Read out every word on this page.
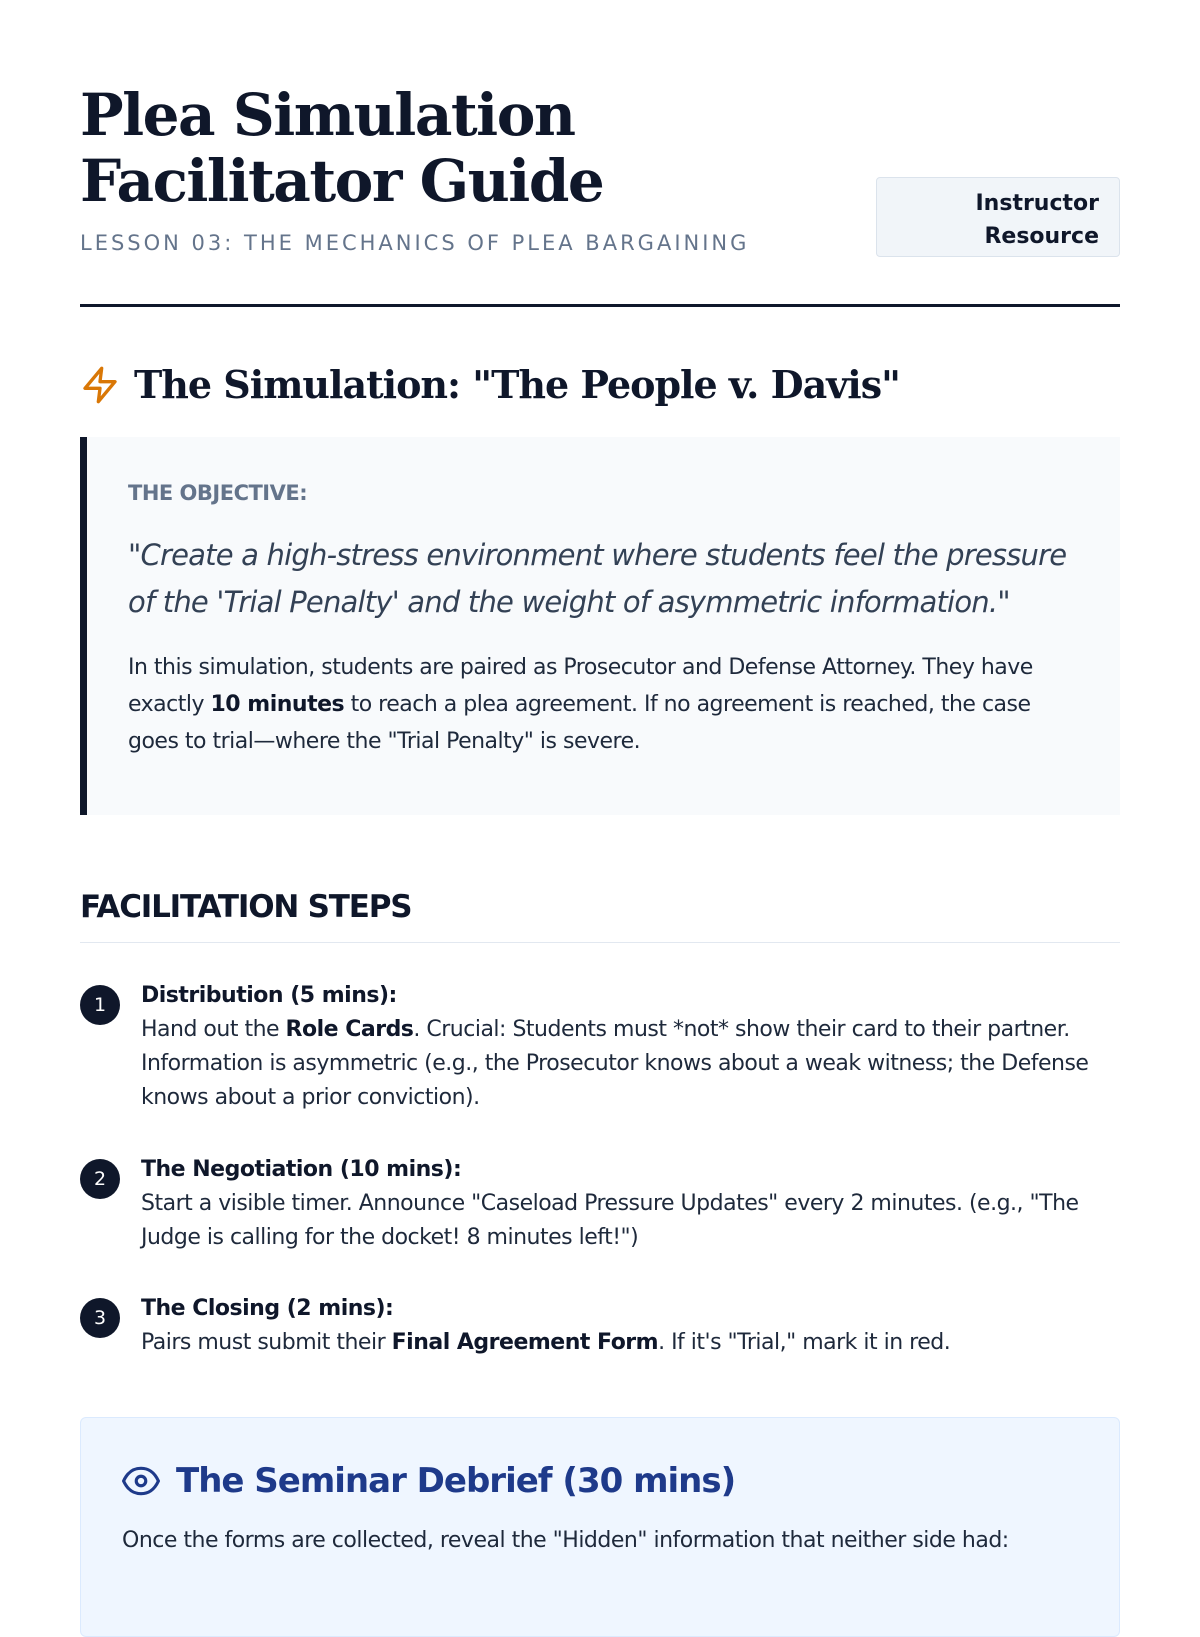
Plea Simulation Facilitator Guide
LESSON 03: THE MECHANICS OF PLEA BARGAINING
Instructor
Resource
The Simulation: "The People v. Davis"
THE OBJECTIVE:
"Create a high-stress environment where students feel the pressure of the 'Trial Penalty' and the weight of asymmetric information."
In this simulation, students are paired as Prosecutor and Defense Attorney. They have exactly 10 minutes to reach a plea agreement. If no agreement is reached, the case goes to trial—where the "Trial Penalty" is severe.
FACILITATION STEPS
1	Distribution (5 mins):
Hand out the Role Cards. Crucial: Students must *not* show their card to their partner. Information is asymmetric (e.g., the Prosecutor knows about a weak witness; the Defense knows about a prior conviction).
2	The Negotiation (10 mins):
Start a visible timer. Announce "Caseload Pressure Updates" every 2 minutes. (e.g., "The Judge is calling for the docket! 8 minutes left!")
3	The Closing (2 mins):
Pairs must submit their Final Agreement Form. If it's "Trial," mark it in red.
The Seminar Debrief (30 mins)
Once the forms are collected, reveal the "Hidden" information that neither side had:
